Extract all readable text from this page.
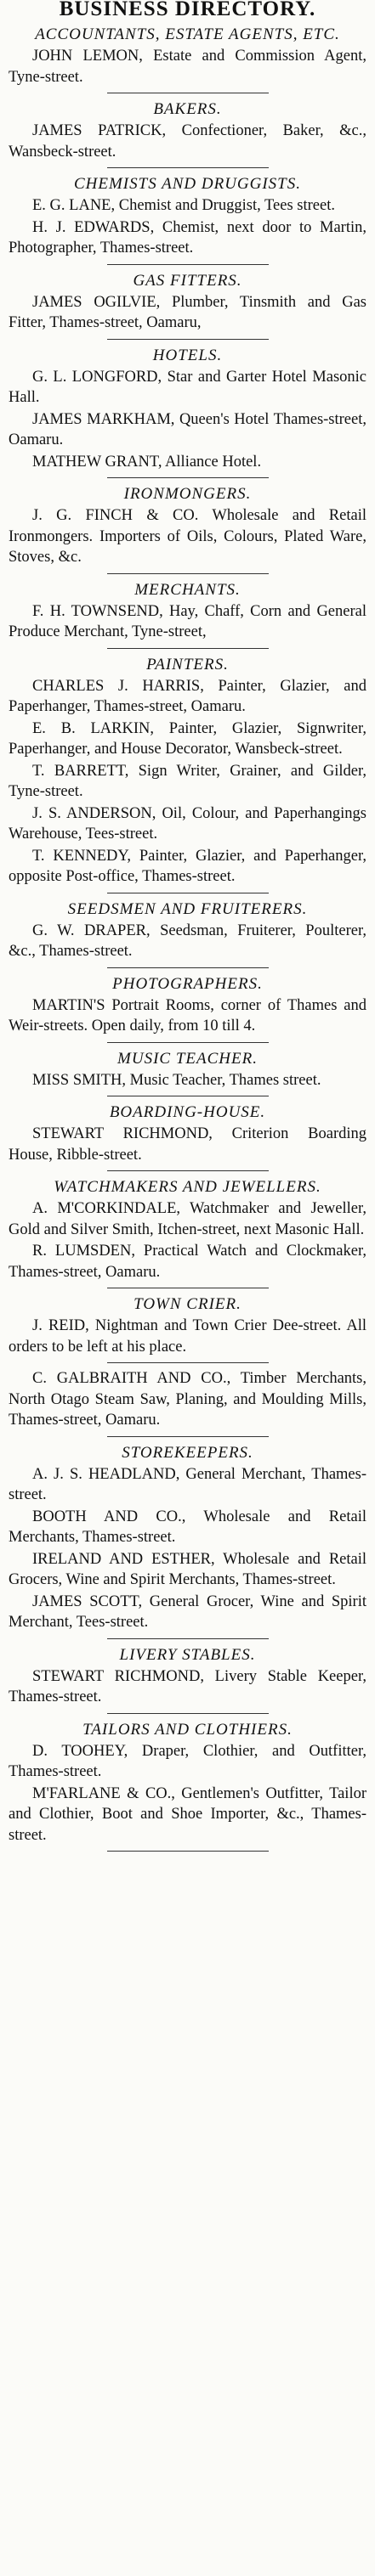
BUSINESS DIRECTORY.
ACCOUNTANTS, ESTATE AGENTS, ETC.

JOHN LEMON, Estate and Commission Agent, Tyne-street.

BAKERS.

JAMES PATRICK, Confectioner, Baker, &c., Wansbeck-street.

CHEMISTS AND DRUGGISTS.

E. G. LANE, Chemist and Druggist, Tees street.

H. J. EDWARDS, Chemist, next door to Martin, Photographer, Thames-street.

GAS FITTERS.

JAMES OGILVIE, Plumber, Tinsmith and Gas Fitter, Thames-street, Oamaru,

HOTELS.

G. L. LONGFORD, Star and Garter Hotel Masonic Hall.

JAMES MARKHAM, Queen's Hotel Thames-street, Oamaru.

MATHEW GRANT, Alliance Hotel.

IRONMONGERS.

J. G. FINCH & CO. Wholesale and Retail Ironmongers. Importers of Oils, Colours, Plated Ware, Stoves, &c.

MERCHANTS.

F. H. TOWNSEND, Hay, Chaff, Corn and General Produce Merchant, Tyne-street,

PAINTERS.

CHARLES J. HARRIS, Painter, Glazier, and Paperhanger, Thames-street, Oamaru.

E. B. LARKIN, Painter, Glazier, Signwriter, Paperhanger, and House Decorator, Wansbeck-street.

T. BARRETT, Sign Writer, Grainer, and Gilder, Tyne-street.

J. S. ANDERSON, Oil, Colour, and Paperhangings Warehouse, Tees-street.

T. KENNEDY, Painter, Glazier, and Paperhanger, opposite Post-office, Thames-street.

SEEDSMEN AND FRUITERERS.

G. W. DRAPER, Seedsman, Fruiterer, Poulterer, &c., Thames-street.

PHOTOGRAPHERS.

MARTIN'S Portrait Rooms, corner of Thames and Weir-streets. Open daily, from 10 till 4.

MUSIC TEACHER.

MISS SMITH, Music Teacher, Thames street.

BOARDING-HOUSE.

STEWART RICHMOND, Criterion Boarding House, Ribble-street.

WATCHMAKERS AND JEWELLERS.

A. M'CORKINDALE, Watchmaker and Jeweller, Gold and Silver Smith, Itchen-street, next Masonic Hall.

R. LUMSDEN, Practical Watch and Clockmaker, Thames-street, Oamaru.

TOWN CRIER.

J. REID, Nightman and Town Crier Dee-street. All orders to be left at his place.

C. GALBRAITH AND CO., Timber Merchants, North Otago Steam Saw, Planing, and Moulding Mills, Thames-street, Oamaru.

STOREKEEPERS.

A. J. S. HEADLAND, General Merchant, Thames-street.

BOOTH AND CO., Wholesale and Retail Merchants, Thames-street.

IRELAND AND ESTHER, Wholesale and Retail Grocers, Wine and Spirit Merchants, Thames-street.

JAMES SCOTT, General Grocer, Wine and Spirit Merchant, Tees-street.

LIVERY STABLES.

STEWART RICHMOND, Livery Stable Keeper, Thames-street.

TAILORS AND CLOTHIERS.

D. TOOHEY, Draper, Clothier, and Outfitter, Thames-street.

M'FARLANE & CO., Gentlemen's Outfitter, Tailor and Clothier, Boot and Shoe Importer, &c., Thames-street.
